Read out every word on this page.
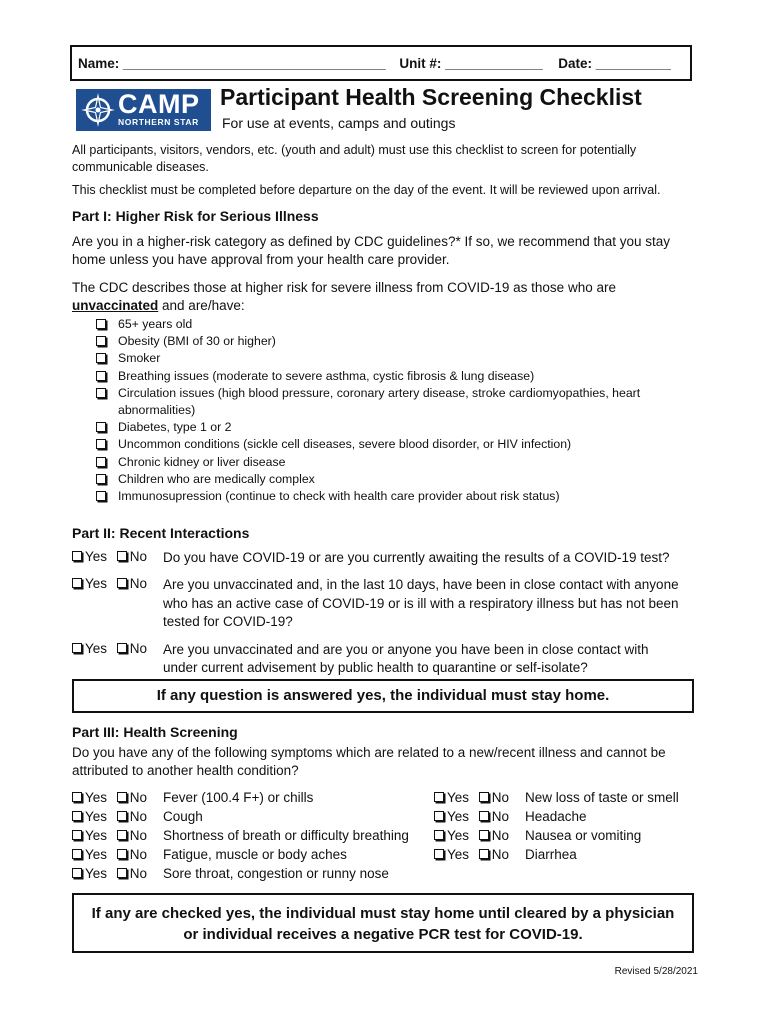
Name: ___________________________________ Unit #: _____________ Date: __________
CAMP
NORTHERN STAR
Participant Health Screening Checklist
For use at events, camps and outings
All participants, visitors, vendors, etc. (youth and adult) must use this checklist to screen for potentially communicable diseases.
This checklist must be completed before departure on the day of the event. It will be reviewed upon arrival.
Part I: Higher Risk for Serious Illness
Are you in a higher-risk category as defined by CDC guidelines?* If so, we recommend that you stay home unless you have approval from your health care provider.
The CDC describes those at higher risk for severe illness from COVID-19 as those who are
unvaccinated and are/have:
65+ years old
Obesity (BMI of 30 or higher)
Smoker
Breathing issues (moderate to severe asthma, cystic fibrosis & lung disease)
Circulation issues (high blood pressure, coronary artery disease, stroke cardiomyopathies, heart abnormalities)
Diabetes, type 1 or 2
Uncommon conditions (sickle cell diseases, severe blood disorder, or HIV infection)
Chronic kidney or liver disease
Children who are medically complex
Immunosupression (continue to check with health care provider about risk status)
Part II: Recent Interactions
Yes No Do you have COVID-19 or are you currently awaiting the results of a COVID-19 test?
Yes No Are you unvaccinated and, in the last 10 days, have been in close contact with anyone who has an active case of COVID-19 or is ill with a respiratory illness but has not been tested for COVID-19?
Yes No Are you unvaccinated and are you or anyone you have been in close contact with under current advisement by public health to quarantine or self-isolate?
If any question is answered yes, the individual must stay home.
Part III: Health Screening
Do you have any of the following symptoms which are related to a new/recent illness and cannot be attributed to another health condition?
Yes No Fever (100.4 F+) or chills
Yes No Cough
Yes No Shortness of breath or difficulty breathing
Yes No Fatigue, muscle or body aches
Yes No Sore throat, congestion or runny nose
Yes No New loss of taste or smell
Yes No Headache
Yes No Nausea or vomiting
Yes No Diarrhea
If any are checked yes, the individual must stay home until cleared by a physician or individual receives a negative PCR test for COVID-19.
Revised 5/28/2021
